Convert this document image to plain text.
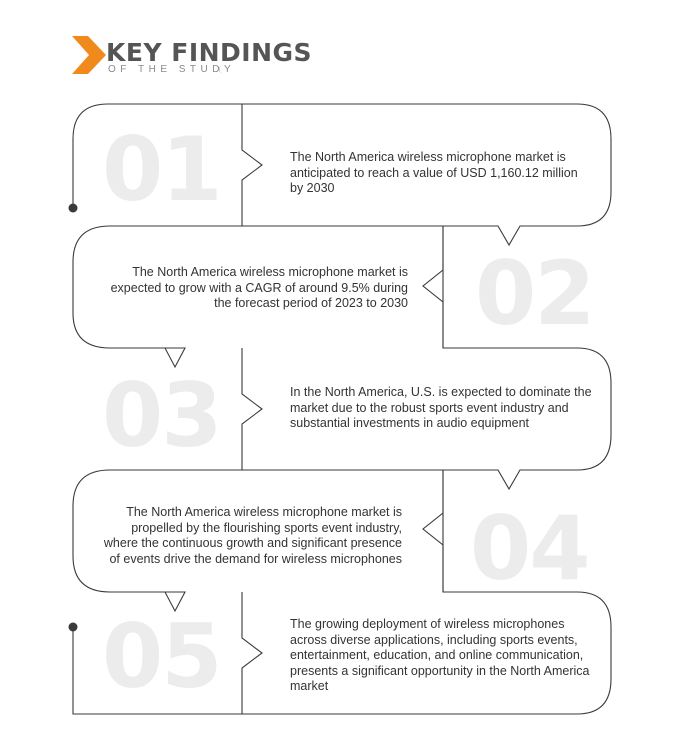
KEY FINDINGS
OF THE STUDY
01
02
03
04
05
The North America wireless microphone market is anticipated to reach a value of USD 1,160.12 million by 2030
The North America wireless microphone market is expected to grow with a CAGR of around 9.5% during the forecast period of 2023 to 2030
In the North America, U.S. is expected to dominate the market due to the robust sports event industry and substantial investments in audio equipment
The North America wireless microphone market is propelled by the flourishing sports event industry, where the continuous growth and significant presence of events drive the demand for wireless microphones
The growing deployment of wireless microphones across diverse applications, including sports events, entertainment, education, and online communication, presents a significant opportunity in the North America market
